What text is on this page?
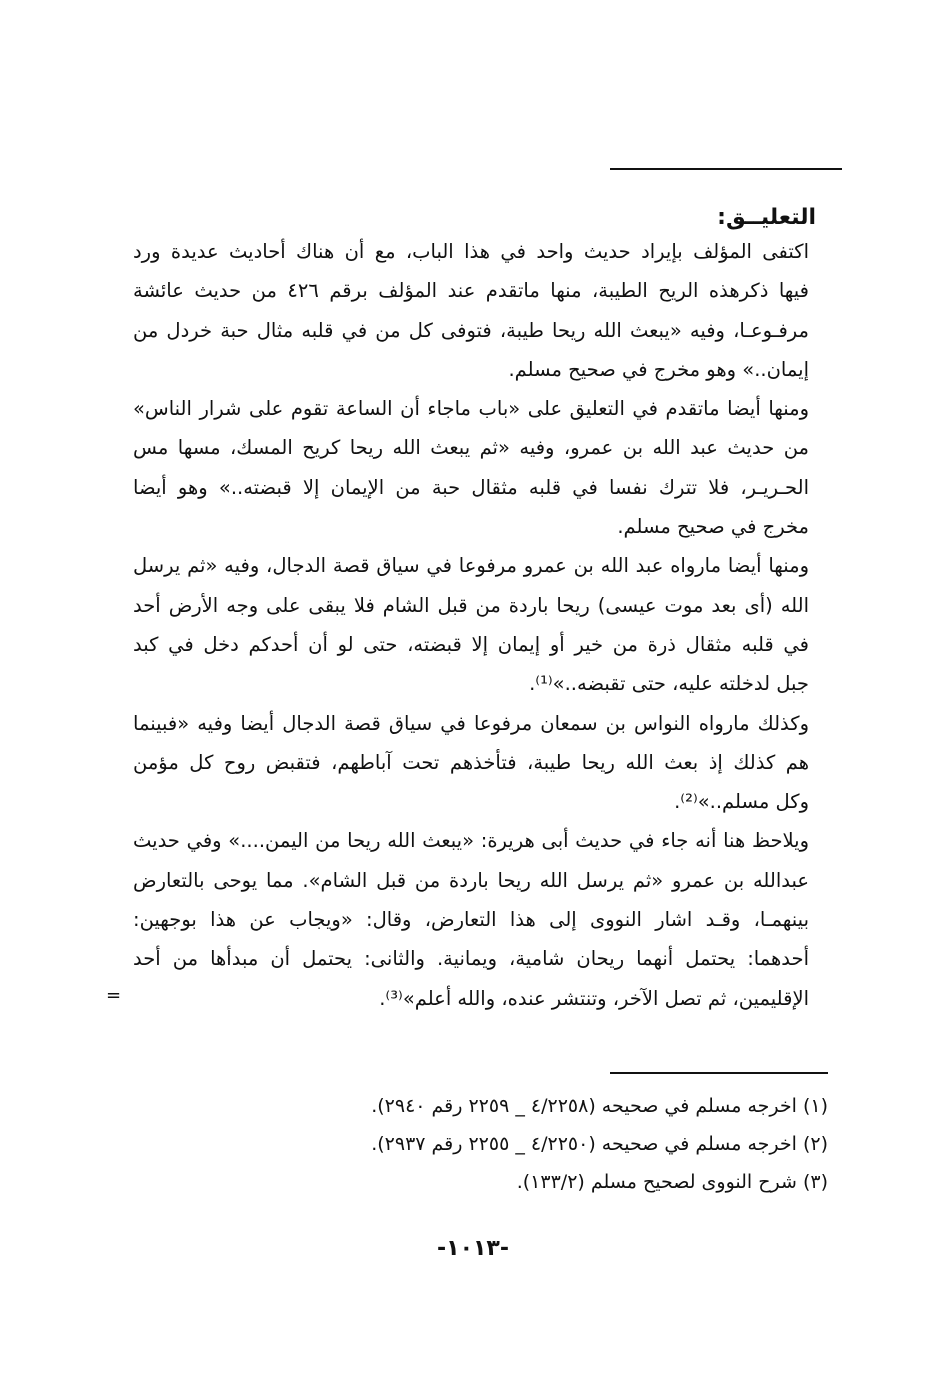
التعليــق:
اكتفى المؤلف بإيراد حديث واحد في هذا الباب، مع أن هناك أحاديث عديدة ورد
فيها ذكرهذه الريح الطيبة، منها ماتقدم عند المؤلف برقم ٤٢٦ من حديث عائشة
مرفـوعـا، وفيه «يبعث الله ريحا طيبة، فتوفى كل من في قلبه مثال حبة خردل من
إيمان..» وهو مخرج في صحيح مسلم.
ومنها أيضا ماتقدم في التعليق على «باب ماجاء أن الساعة تقوم على شرار الناس»
من حديث عبد الله بن عمرو، وفيه «ثم يبعث الله ريحا كريح المسك، مسها مس
الحـريـر، فلا تترك نفسا في قلبه مثقال حبة من الإيمان إلا قبضته..» وهو أيضا
مخرج في صحيح مسلم.
ومنها أيضا مارواه عبد الله بن عمرو مرفوعا في سياق قصة الدجال، وفيه «ثم يرسل
الله (أى بعد موت عيسى) ريحا باردة من قبل الشام فلا يبقى على وجه الأرض أحد
في قلبه مثقال ذرة من خير أو إيمان إلا قبضته، حتى لو أن أحدكم دخل في كبد
جبل لدخلته عليه، حتى تقبضه..»⁽¹⁾.
وكذلك مارواه النواس بن سمعان مرفوعا في سياق قصة الدجال أيضا وفيه «فبينما
هم كذلك إذ بعث الله ريحا طيبة، فتأخذهم تحت آباطهم، فتقبض روح كل مؤمن
وكل مسلم..»⁽²⁾.
ويلاحظ هنا أنه جاء في حديث أبى هريرة: «يبعث الله ريحا من اليمن....» وفي حديث
عبدالله بن عمرو «ثم يرسل الله ريحا باردة من قبل الشام». مما يوحى بالتعارض
بينهمـا، وقـد اشار النووى إلى هذا التعارض، وقال: «ويجاب عن هذا بوجهين:
أحدهما: يحتمل أنهما ريحان شامية، ويمانية. والثانى: يحتمل أن مبدأها من أحد
الإقليمين، ثم تصل الآخر، وتنتشر عنده، والله أعلم»⁽³⁾.
=
(١) اخرجه مسلم في صحيحه (٤/٢٢٥٨ _ ٢٢٥٩ رقم ٢٩٤٠).
(٢) اخرجه مسلم في صحيحه (٤/٢٢٥٠ _ ٢٢٥٥ رقم ٢٩٣٧).
(٣) شرح النووى لصحيح مسلم (١٣٣/٢).
-١٠١٣-
